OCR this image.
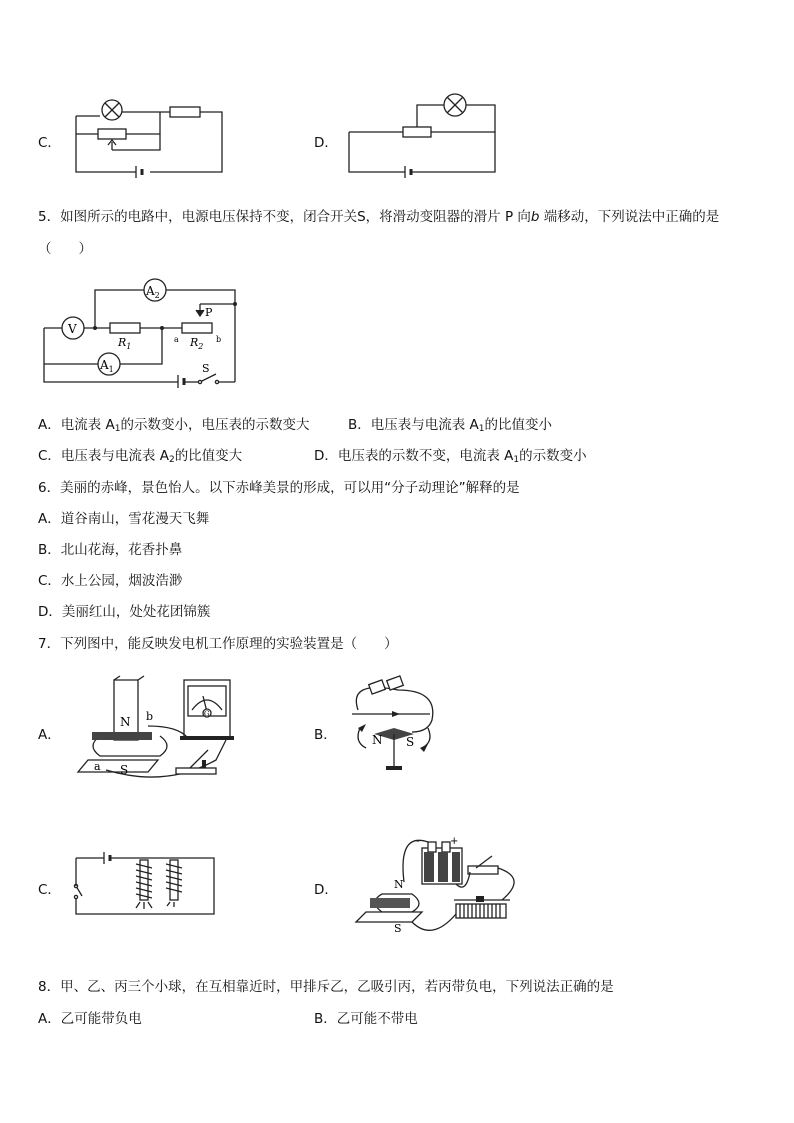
C．	D．
5．如图所示的电路中，电源电压保持不变，闭合开关S，将滑动变阻器的滑片 P 向b 端移动，下列说法中正确的是
（　　）
$A_2$
P
V
$R_1$
a	b
$R_2$
$A_1$	S
A．电流表 $A_1$的示数变小，电压表的示数变大	B．电压表与电流表 $A_1$的比值变小
C．电压表与电流表 $A_2$的比值变大	D．电压表的示数不变，电流表 $A_1$的示数变小
6．美丽的赤峰，景色怡人。以下赤峰美景的形成，可以用“分子动理论”解释的是
A．道谷南山，雪花漫天飞舞
B．北山花海，花香扑鼻
C．水上公园，烟波浩渺
D．美丽红山，处处花团锦簇
7．下列图中，能反映发电机工作原理的实验装置是（　　）
A．
N
S
a
b	G
B．	N S
C．	D．
-	+
N
S
8．甲、乙、丙三个小球，在互相靠近时，甲排斥乙，乙吸引丙，若丙带负电，下列说法正确的是
A．乙可能带负电	B．乙可能不带电
